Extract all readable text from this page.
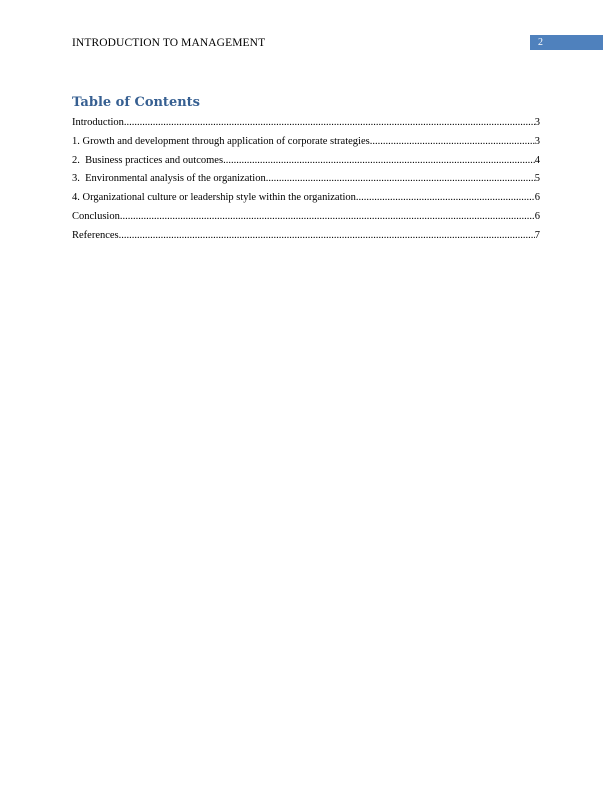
INTRODUCTION TO MANAGEMENT	2
Table of Contents
Introduction .....	3
1. Growth and development through application of corporate strategies .....	3
2.  Business practices and outcomes .....	4
3.  Environmental analysis of the organization .....	5
4. Organizational culture or leadership style within the organization .....	6
Conclusion .....	6
References .....	7
